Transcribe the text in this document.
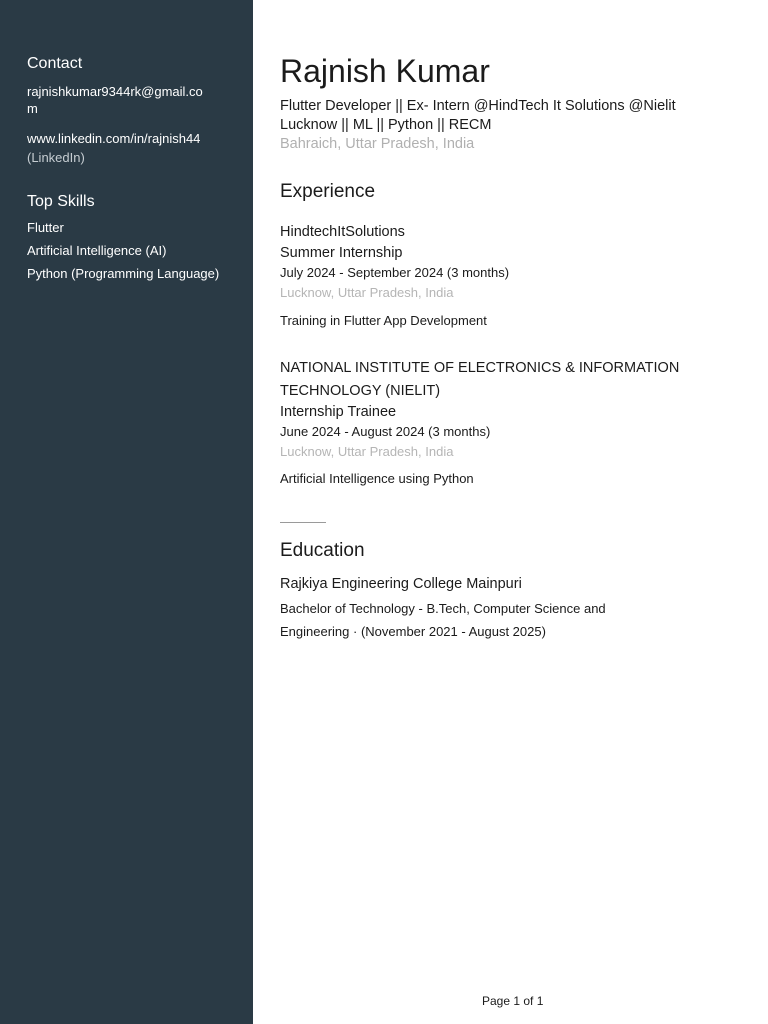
Contact
rajnishkumar9344rk@gmail.co
m
www.linkedin.com/in/rajnish44
(LinkedIn)
Top Skills
Flutter
Artificial Intelligence (AI)
Python (Programming Language)
Rajnish Kumar
Flutter Developer || Ex- Intern @HindTech It Solutions @Nielit
Lucknow || ML || Python || RECM
Bahraich, Uttar Pradesh, India
Experience
HindtechItSolutions
Summer Internship
July 2024 - September 2024 (3 months)
Lucknow, Uttar Pradesh, India
Training in Flutter App Development
NATIONAL INSTITUTE OF ELECTRONICS & INFORMATION
TECHNOLOGY (NIELIT)
Internship Trainee
June 2024 - August 2024 (3 months)
Lucknow, Uttar Pradesh, India
Artificial Intelligence using Python
Education
Rajkiya Engineering College Mainpuri
Bachelor of Technology - B.Tech, Computer Science and
Engineering · (November 2021 - August 2025)
Page 1 of 1
